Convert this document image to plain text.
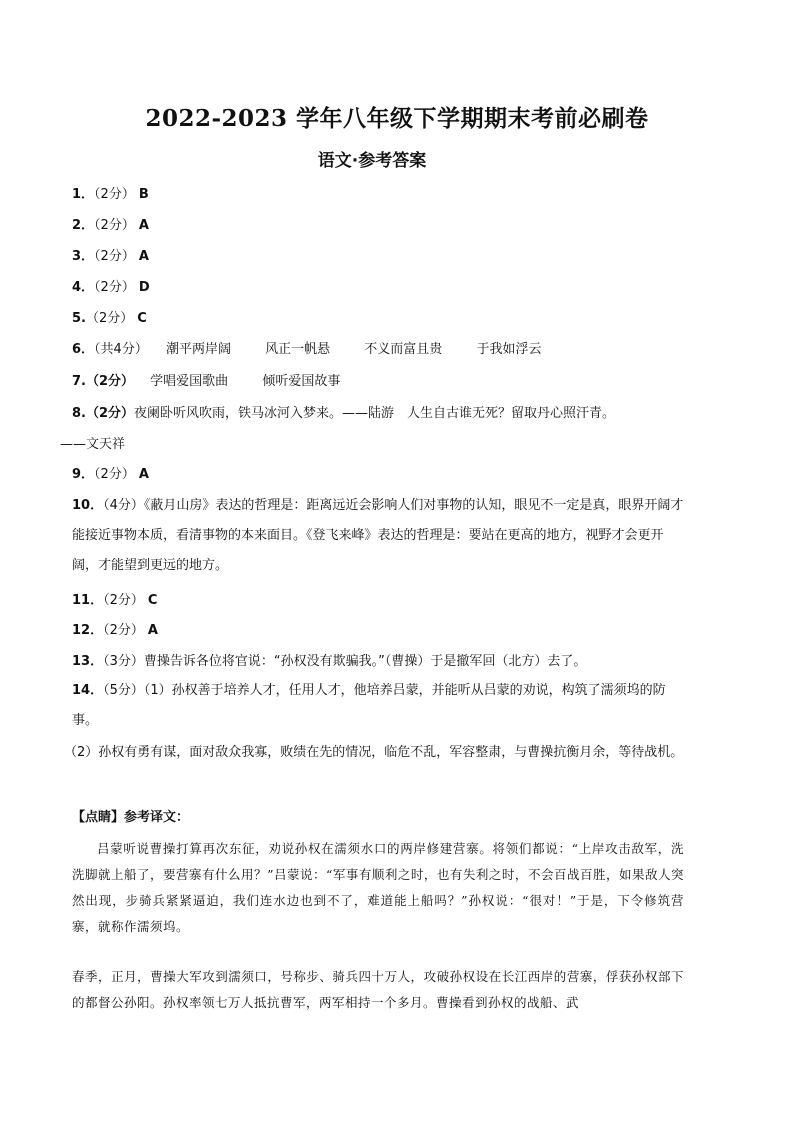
2022-2023 学年八年级下学期期末考前必刷卷
语文·参考答案
1．（2分） B
2．（2分） A
3．（2分） A
4．（2分） D
5.（2分） C
6．（共4分） 潮平两岸阔	风正一帆悬	不义而富且贵	于我如浮云
7.（2分） 学唱爱国歌曲	倾听爱国故事
8.（2分）夜阑卧听风吹雨，铁马冰河入梦来。——陆游　人生自古谁无死？留取丹心照汗青。
——文天祥
9．（2分） A
10．（4分）《蔽月山房》表达的哲理是：距离远近会影响人们对事物的认知，眼见不一定是真，眼界开阔才能接近事物本质，看清事物的本来面目。《登飞来峰》表达的哲理是：要站在更高的地方，视野才会更开阔，才能望到更远的地方。
11．（2分） C
12．（2分） A
13．（3分）曹操告诉各位将官说：“孙权没有欺骗我。”（曹操）于是撤军回（北方）去了。
14．（5分）（1）孙权善于培养人才，任用人才，他培养吕蒙，并能听从吕蒙的劝说，构筑了濡须坞的防事。
（2）孙权有勇有谋，面对敌众我寡，败绩在先的情况，临危不乱，军容整肃，与曹操抗衡月余，等待战机。
【点睛】参考译文：
吕蒙听说曹操打算再次东征，劝说孙权在濡须水口的两岸修建营寨。将领们都说：“上岸攻击敌军，洗洗脚就上船了，要营寨有什么用？”吕蒙说：“军事有顺利之时，也有失利之时，不会百战百胜，如果敌人突然出现，步骑兵紧紧逼迫，我们连水边也到不了，难道能上船吗？”孙权说：“很对！”于是，下令修筑营寨，就称作濡须坞。
春季，正月，曹操大军攻到濡须口，号称步、骑兵四十万人，攻破孙权设在长江西岸的营寨，俘获孙权部下的都督公孙阳。孙权率领七万人抵抗曹军，两军相持一个多月。曹操看到孙权的战船、武
